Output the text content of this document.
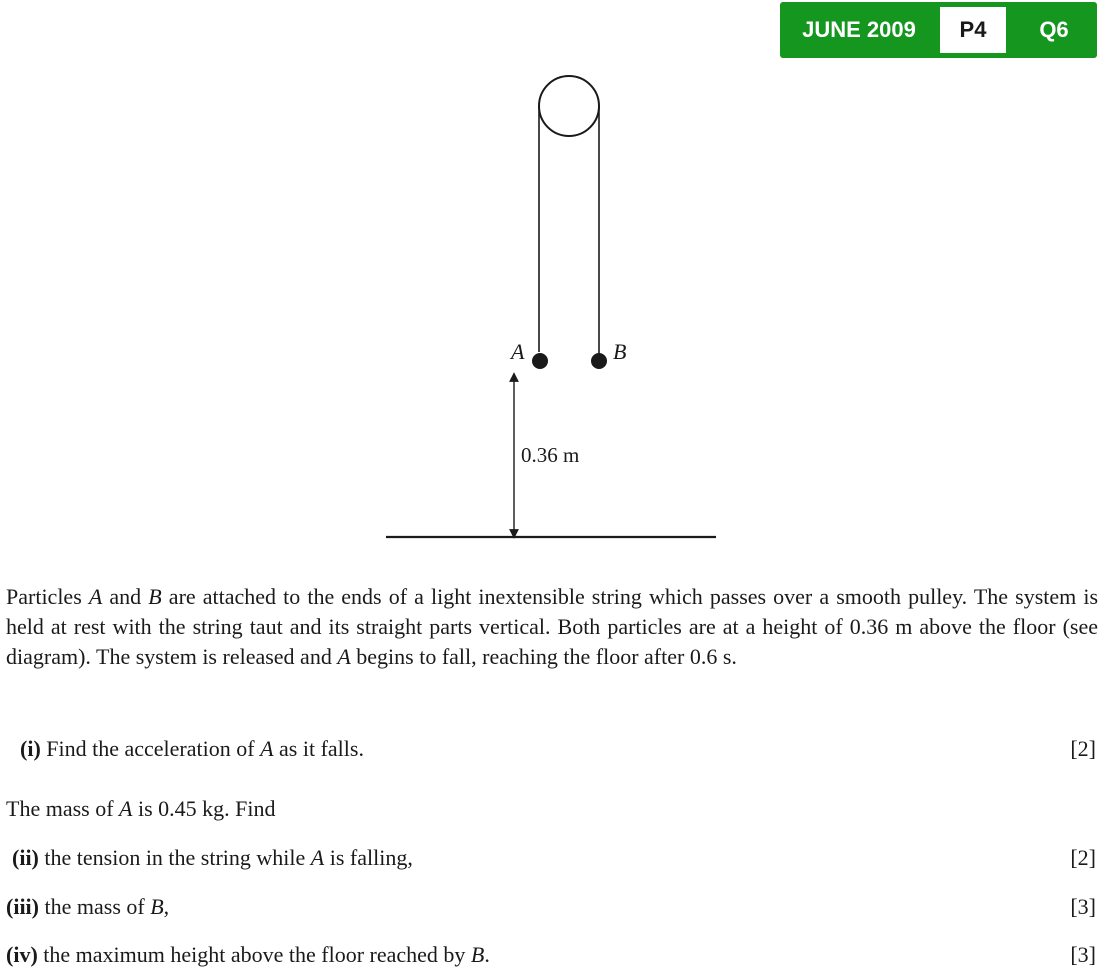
JUNE 2009	P4	Q6
A	B
0.36 m

Particles A and B are attached to the ends of a light inextensible string which passes over a smooth pulley. The system is held at rest with the string taut and its straight parts vertical. Both particles are at a height of 0.36 m above the floor (see diagram). The system is released and A begins to fall, reaching the floor after 0.6 s.

(i) Find the acceleration of A as it falls.	[2]
The mass of A is 0.45 kg. Find
(ii) the tension in the string while A is falling,	[2]
(iii) the mass of B,	[3]
(iv) the maximum height above the floor reached by B.	[3]
